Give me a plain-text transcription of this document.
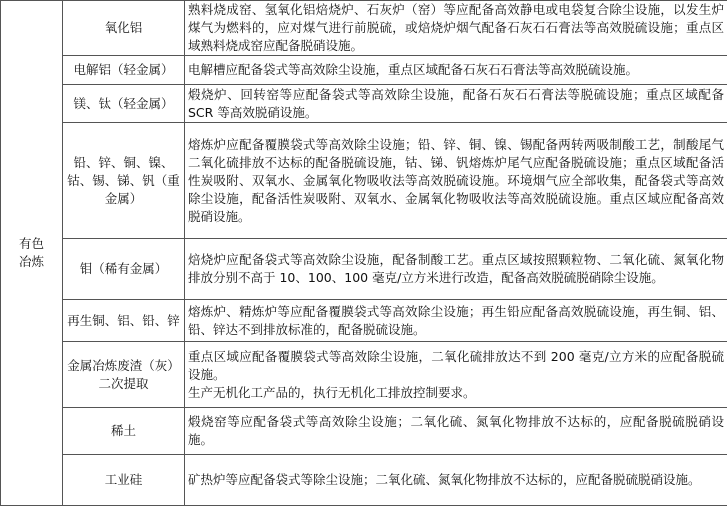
有色
冶炼	氧化铝	熟料烧成窑、氢氧化铝焙烧炉、石灰炉（窑）等应配备高效静电或电袋复合除尘设施，以发生炉煤气为燃料的，应对煤气进行前脱硫，或焙烧炉烟气配备石灰石石膏法等高效脱硫设施；重点区域熟料烧成窑应配备脱硝设施。

	电解铝（轻金属）	电解槽应配备袋式等高效除尘设施，重点区域配备石灰石石膏法等高效脱硫设施。

	镁、钛（轻金属）	煅烧炉、回转窑等应配备袋式等高效除尘设施，配备石灰石石膏法等脱硫设施；重点区域配备 SCR 等高效脱硝设施。

	铅、锌、铜、镍、钴、锡、锑、钒（重金属）	熔炼炉应配备覆膜袋式等高效除尘设施；铅、锌、铜、镍、锡配备两转两吸制酸工艺，制酸尾气二氧化硫排放不达标的配备脱硫设施，钴、锑、钒熔炼炉尾气应配备脱硫设施；重点区域配备活性炭吸附、双氧水、金属氧化物吸收法等高效脱硫设施。环境烟气应全部收集，配备袋式等高效除尘设施，配备活性炭吸附、双氧水、金属氧化物吸收法等高效脱硫设施。重点区域应配备高效脱硝设施。

	钼（稀有金属）	焙烧炉应配备袋式等高效除尘设施，配备制酸工艺。重点区域按照颗粒物、二氧化硫、氮氧化物排放分别不高于 10、100、100 毫克/立方米进行改造，配备高效脱硫脱硝除尘设施。

	再生铜、铝、铅、锌	熔炼炉、精炼炉等应配备覆膜袋式等高效除尘设施；再生铅应配备高效脱硫设施，再生铜、铝、铅、锌达不到排放标准的，配备脱硫设施。

	金属冶炼废渣（灰）二次提取	重点区域应配备覆膜袋式等高效除尘设施，二氧化硫排放达不到 200 毫克/立方米的应配备脱硫设施。
生产无机化工产品的，执行无机化工排放控制要求。

	稀土	煅烧窑等应配备袋式等高效除尘设施；二氧化硫、氮氧化物排放不达标的，应配备脱硫脱硝设施。

	工业硅	矿热炉等应配备袋式等除尘设施；二氧化硫、氮氧化物排放不达标的，应配备脱硫脱硝设施。
